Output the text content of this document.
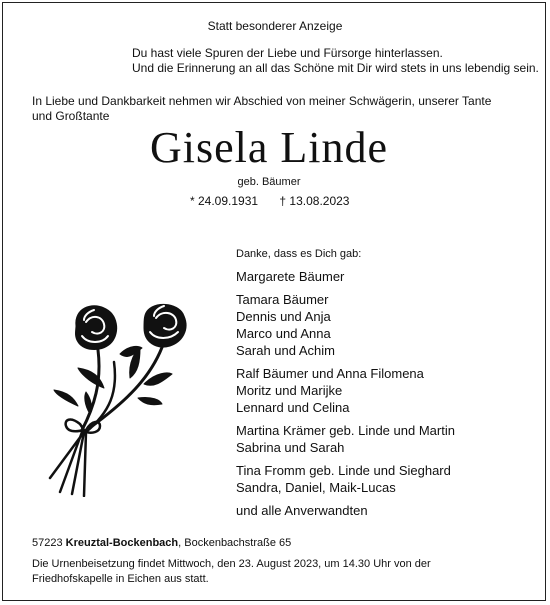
Statt besonderer Anzeige
Du hast viele Spuren der Liebe und Fürsorge hinterlassen.
Und die Erinnerung an all das Schöne mit Dir wird stets in uns lebendig sein.
In Liebe und Dankbarkeit nehmen wir Abschied von meiner Schwägerin, unserer Tante
und Großtante
Gisela Linde
geb. Bäumer
* 24.09.1931 † 13.08.2023
Danke, dass es Dich gab:
Margarete Bäumer
Tamara Bäumer
Dennis und Anja
Marco und Anna
Sarah und Achim
Ralf Bäumer und Anna Filomena
Moritz und Marijke
Lennard und Celina
Martina Krämer geb. Linde und Martin
Sabrina und Sarah
Tina Fromm geb. Linde und Sieghard
Sandra, Daniel, Maik-Lucas
und alle Anverwandten
57223 Kreuztal-Bockenbach, Bockenbachstraße 65
Die Urnenbeisetzung findet Mittwoch, den 23. August 2023, um 14.30 Uhr von der
Friedhofskapelle in Eichen aus statt.
